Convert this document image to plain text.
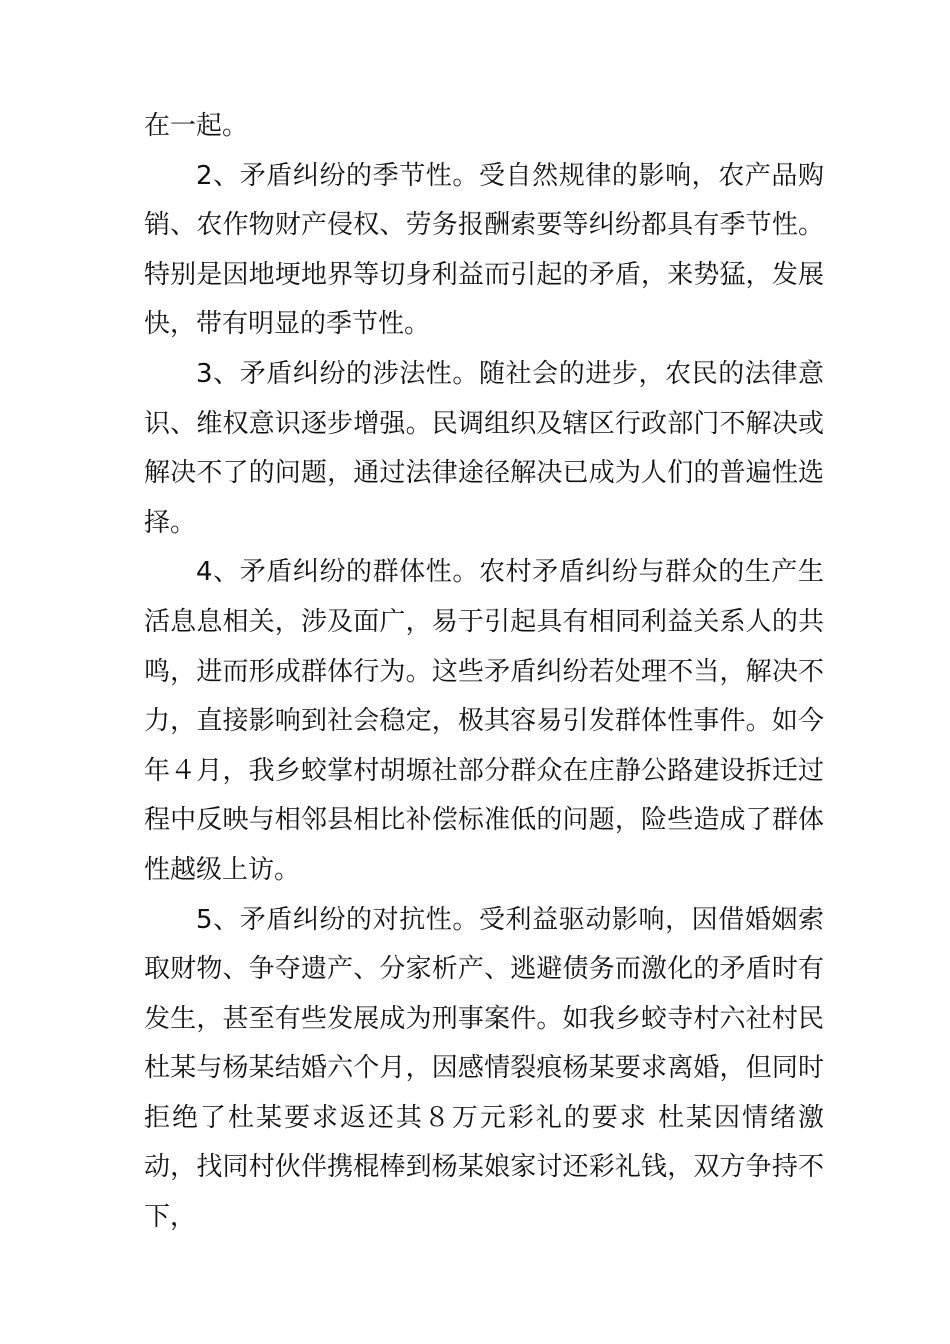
在一起。

2、矛盾纠纷的季节性。受自然规律的影响，农产品购销、农作物财产侵权、劳务报酬索要等纠纷都具有季节性。特别是因地埂地界等切身利益而引起的矛盾，来势猛，发展快，带有明显的季节性。

3、矛盾纠纷的涉法性。随社会的进步，农民的法律意识、维权意识逐步增强。民调组织及辖区行政部门不解决或解决不了的问题，通过法律途径解决已成为人们的普遍性选择。

4、矛盾纠纷的群体性。农村矛盾纠纷与群众的生产生活息息相关，涉及面广，易于引起具有相同利益关系人的共鸣，进而形成群体行为。这些矛盾纠纷若处理不当，解决不力，直接影响到社会稳定，极其容易引发群体性事件。如今年４月，我乡蛟掌村胡塬社部分群众在庄静公路建设拆迁过程中反映与相邻县相比补偿标准低的问题，险些造成了群体性越级上访。

5、矛盾纠纷的对抗性。受利益驱动影响，因借婚姻索取财物、争夺遗产、分家析产、逃避债务而激化的矛盾时有发生，甚至有些发展成为刑事案件。如我乡蛟寺村六社村民杜某与杨某结婚六个月，因感情裂痕杨某要求离婚，但同时拒绝了杜某要求返还其８万元彩礼的要求 杜某因情绪激动，找同村伙伴携棍棒到杨某娘家讨还彩礼钱，双方争持不下，
